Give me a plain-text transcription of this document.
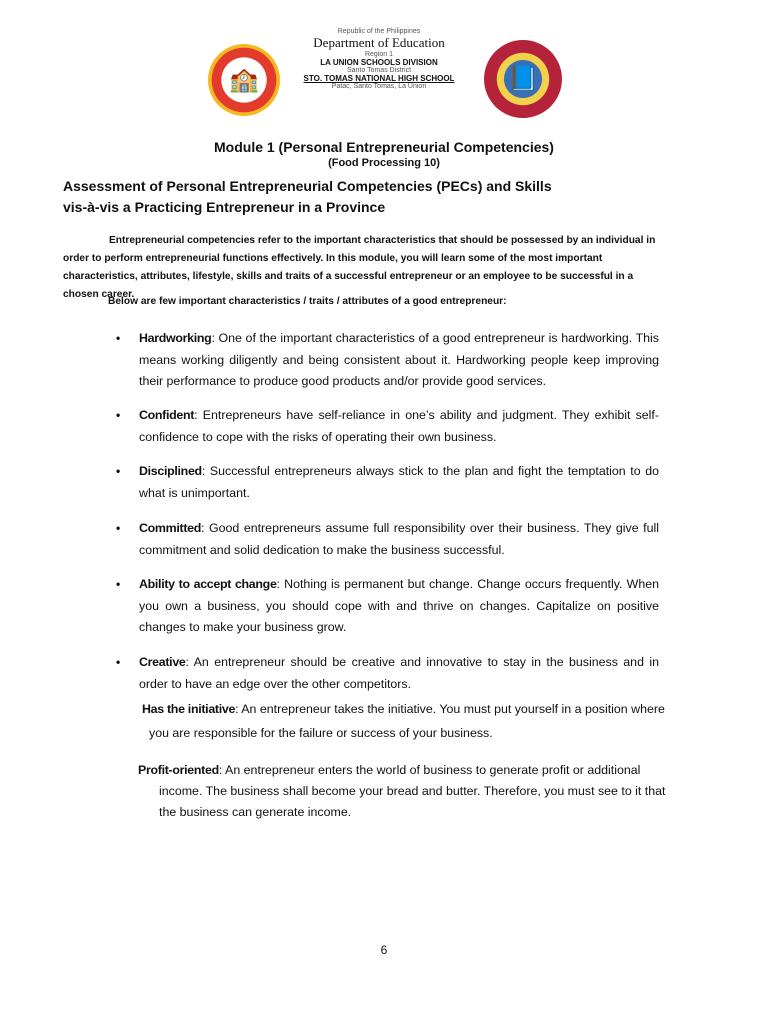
🏫	📘
Republic of the Philippines
Department of Education
Region 1
LA UNION SCHOOLS DIVISION
Santo Tomas District
STO. TOMAS NATIONAL HIGH SCHOOL
Patac, Santo Tomas, La Union
Module 1 (Personal Entrepreneurial Competencies)
(Food Processing 10)
Assessment of Personal Entrepreneurial Competencies (PECs) and Skills
vis-à-vis a Practicing Entrepreneur in a Province
Entrepreneurial competencies refer to the important characteristics that should be possessed by an individual in order to perform entrepreneurial functions effectively. In this module, you will learn some of the most important characteristics, attributes, lifestyle, skills and traits of a successful entrepreneur or an employee to be successful in a chosen career.
Below are few important characteristics / traits / attributes of a good entrepreneur:
• Hardworking: One of the important characteristics of a good entrepreneur is hardworking. This means working diligently and being consistent about it. Hardworking people keep improving their performance to produce good products and/or provide good services.
• Confident: Entrepreneurs have self-reliance in one’s ability and judgment. They exhibit self-confidence to cope with the risks of operating their own business.
• Disciplined: Successful entrepreneurs always stick to the plan and fight the temptation to do what is unimportant.
• Committed: Good entrepreneurs assume full responsibility over their business. They give full commitment and solid dedication to make the business successful.
• Ability to accept change: Nothing is permanent but change. Change occurs frequently. When you own a business, you should cope with and thrive on changes. Capitalize on positive changes to make your business grow.
• Creative: An entrepreneur should be creative and innovative to stay in the business and in order to have an edge over the other competitors.
Has the initiative: An entrepreneur takes the initiative. You must put yourself in a position where
you are responsible for the failure or success of your business.
Profit-oriented: An entrepreneur enters the world of business to generate profit or additional
income. The business shall become your bread and butter. Therefore, you must see to it that
the business can generate income.
6
